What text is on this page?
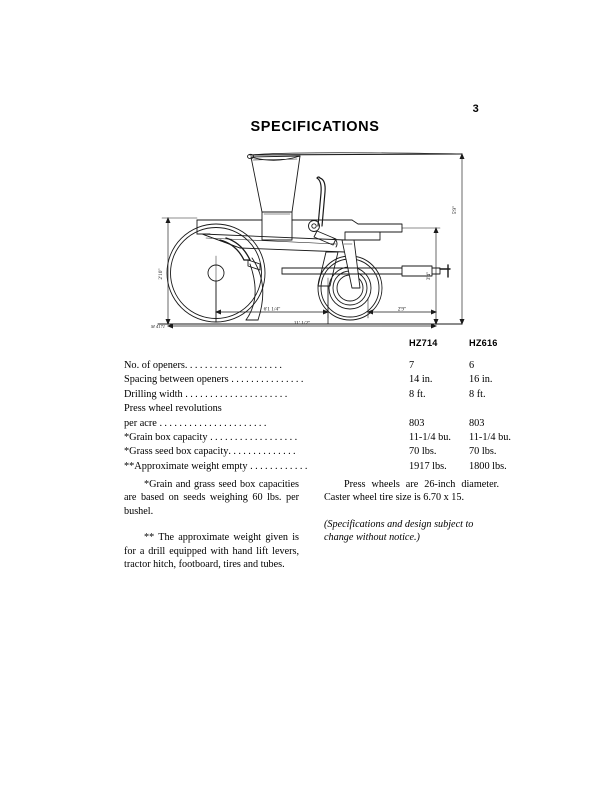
3
SPECIFICATIONS
2'10"
5'9"
3'4"
6'1 1/4"	2'9"
11' 1/2"
M 4171
HZ714	HZ616
No. of openers....................	7	6
Spacing between openers ...............	14 in.	16 in.
Drilling width .....................	8 ft.	8 ft.
Press wheel revolutions
per acre ......................	803	803
*Grain box capacity ..................	11-1/4 bu. 11-1/4 bu.
*Grass seed box capacity..............	70 lbs.	70 lbs.
**Approximate weight empty ............	1917 lbs. 1800 lbs.

*Grain and grass seed box capacities are based on seeds weighing 60 lbs. per bushel.

** The approximate weight given is for a drill equipped with hand lift levers, tractor hitch, footboard, tires and tubes.

Press wheels are 26-inch diameter. Caster wheel tire size is 6.70 x 15.

(Specifications and design subject to change without notice.)
